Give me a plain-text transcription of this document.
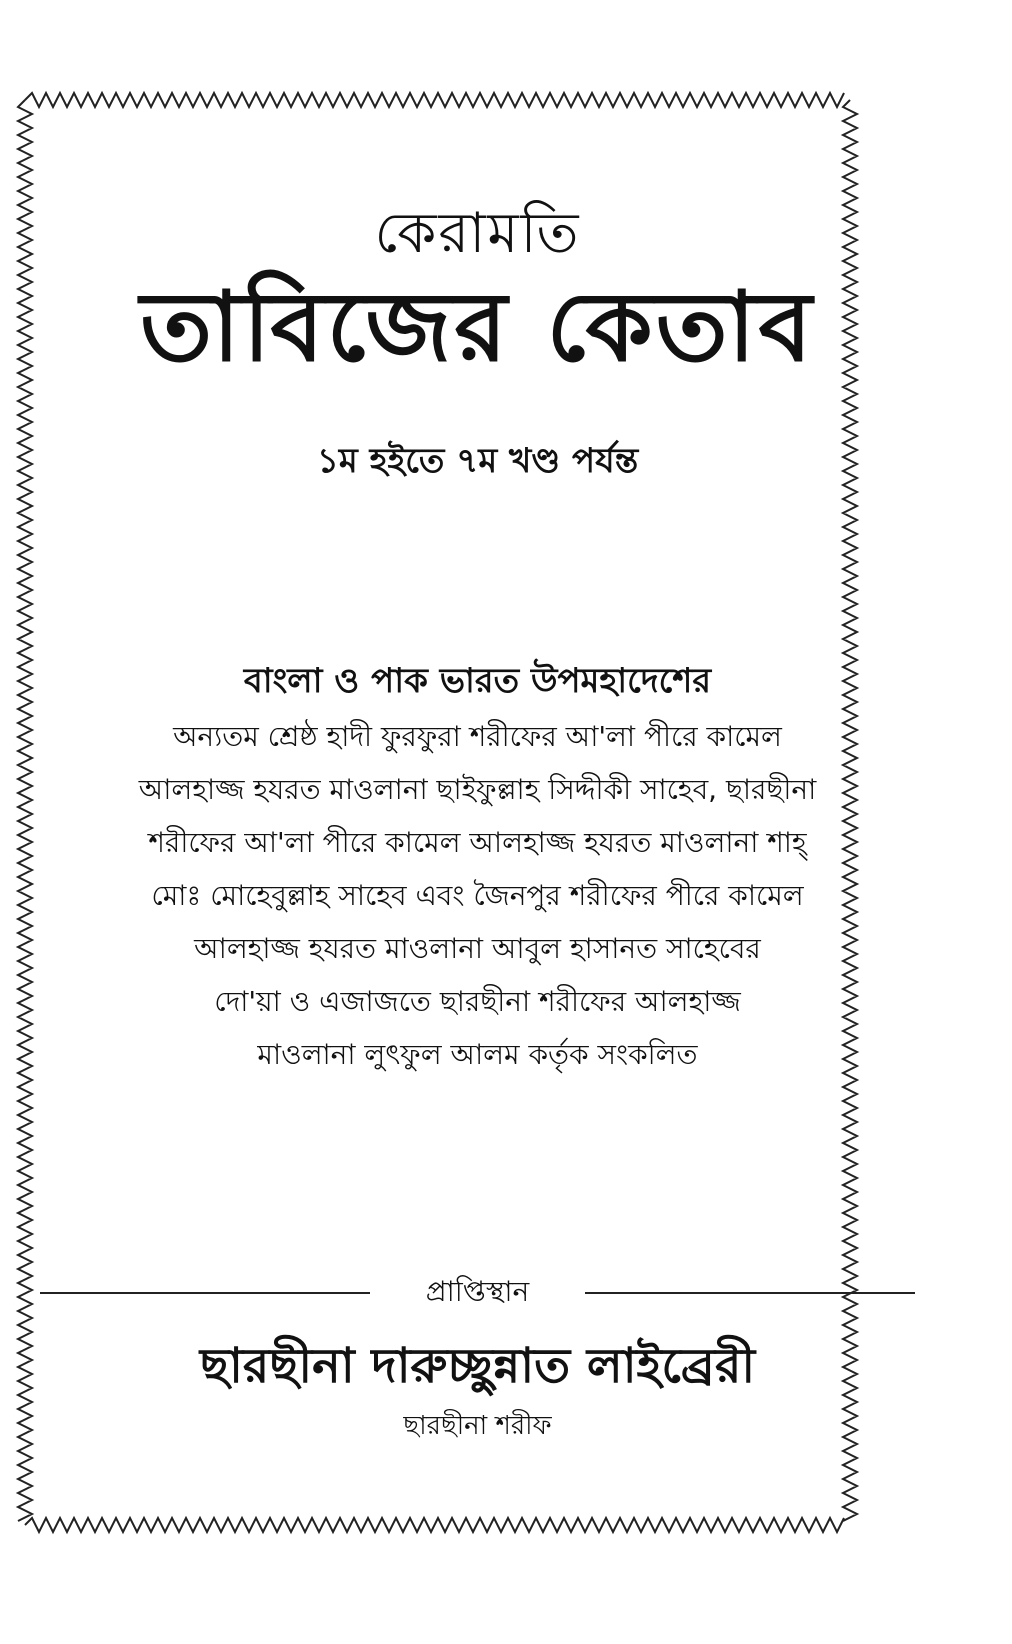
কেরামতি
তাবিজের কেতাব
১ম হইতে ৭ম খণ্ড পর্যন্ত
বাংলা ও পাক ভারত উপমহাদেশের
অন্যতম শ্রেষ্ঠ হাদী ফুরফুরা শরীফের আ'লা পীরে কামেল
আলহাজ্জ হযরত মাওলানা ছাইফুল্লাহ সিদ্দীকী সাহেব, ছারছীনা
শরীফের আ'লা পীরে কামেল আলহাজ্জ হযরত মাওলানা শাহ্
মোঃ মোহেবুল্লাহ সাহেব এবং জৈনপুর শরীফের পীরে কামেল
আলহাজ্জ হযরত মাওলানা আবুল হাসানত সাহেবের
দো'য়া ও এজাজতে ছারছীনা শরীফের আলহাজ্জ
মাওলানা লুৎফুল আলম কর্তৃক সংকলিত
প্রাপ্তিস্থান
ছারছীনা দারুচ্ছুন্নাত লাইব্রেরী
ছারছীনা শরীফ
